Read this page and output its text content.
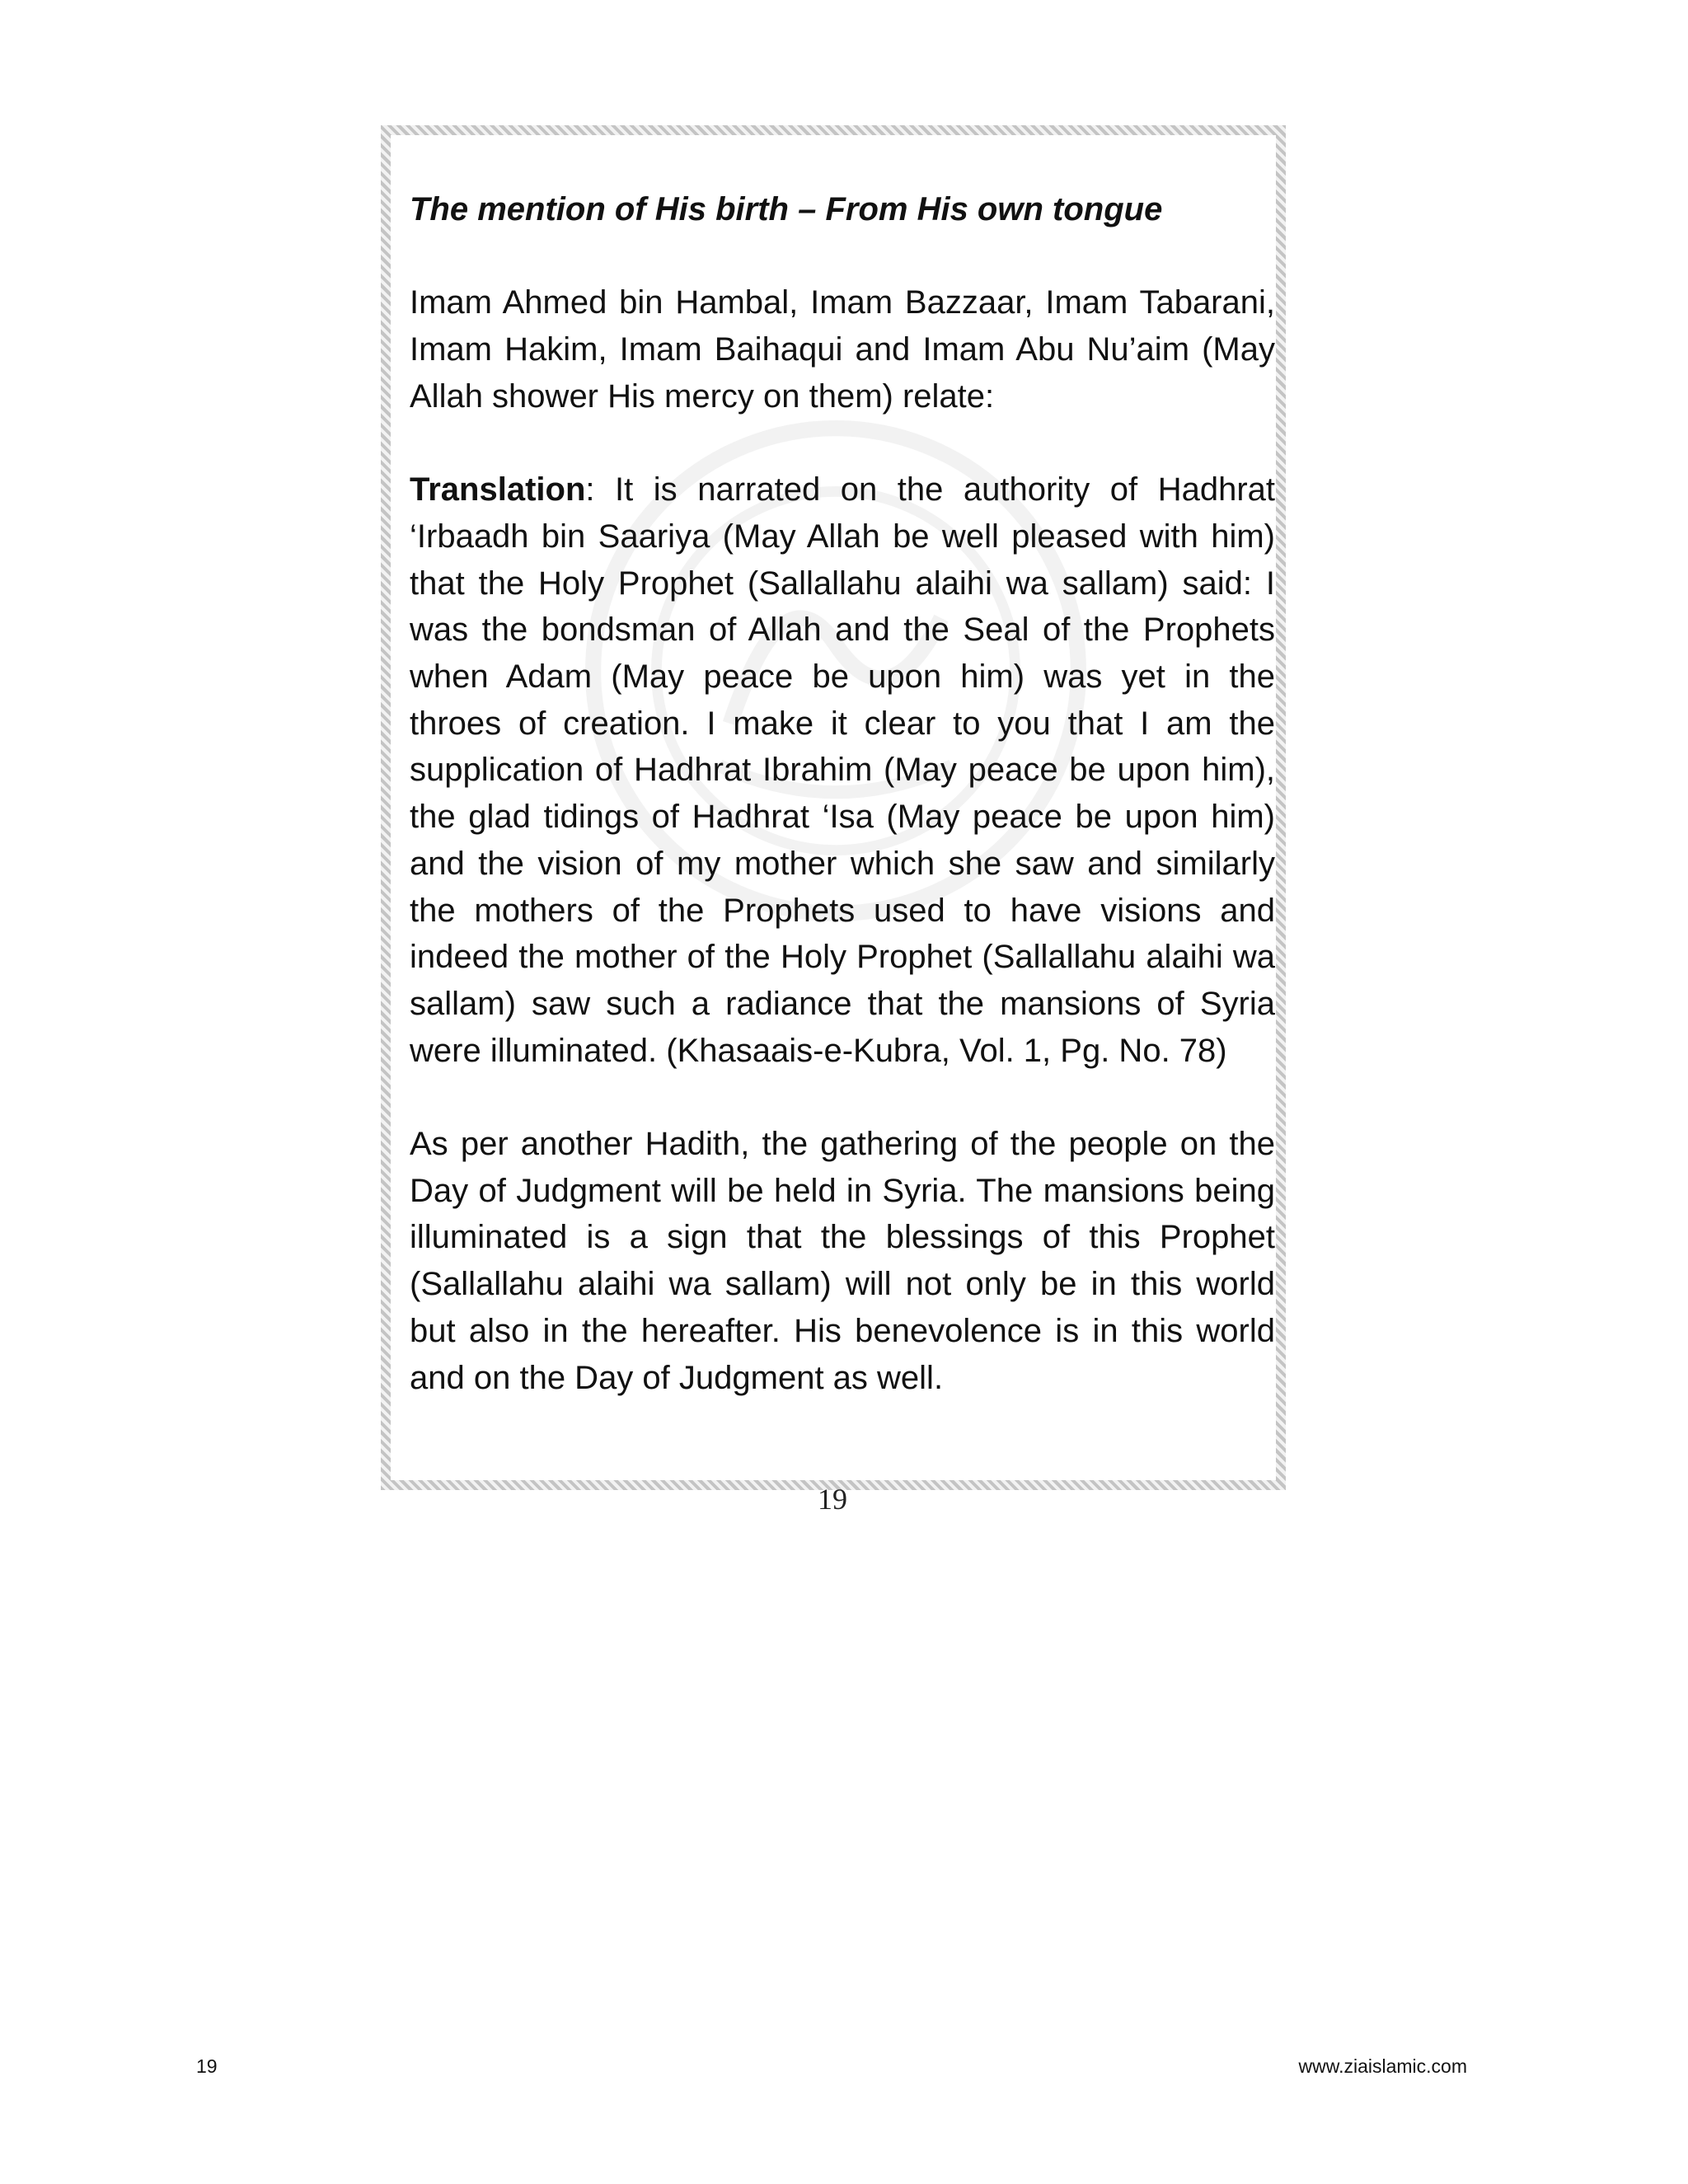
The mention of His birth – From His own tongue

Imam Ahmed bin Hambal, Imam Bazzaar, Imam Tabarani, Imam Hakim, Imam Baihaqui and Imam Abu Nu’aim (May Allah shower His mercy on them) relate:

Translation: It is narrated on the authority of Hadhrat ‘Irbaadh bin Saariya (May Allah be well pleased with him) that the Holy Prophet (Sallallahu alaihi wa sallam) said: I was the bondsman of Allah and the Seal of the Prophets when Adam (May peace be upon him) was yet in the throes of creation. I make it clear to you that I am the supplication of Hadhrat Ibrahim (May peace be upon him), the glad tidings of Hadhrat ‘Isa (May peace be upon him) and the vision of my mother which she saw and similarly the mothers of the Prophets used to have visions and indeed the mother of the Holy Prophet (Sallallahu alaihi wa sallam) saw such a radiance that the mansions of Syria were illuminated. (Khasaais-e-Kubra, Vol. 1, Pg. No. 78)

As per another Hadith, the gathering of the people on the Day of Judgment will be held in Syria. The mansions being illuminated is a sign that the blessings of this Prophet (Sallallahu alaihi wa sallam) will not only be in this world but also in the hereafter. His benevolence is in this world and on the Day of Judgment as well.

19
19	www.ziaislamic.com
